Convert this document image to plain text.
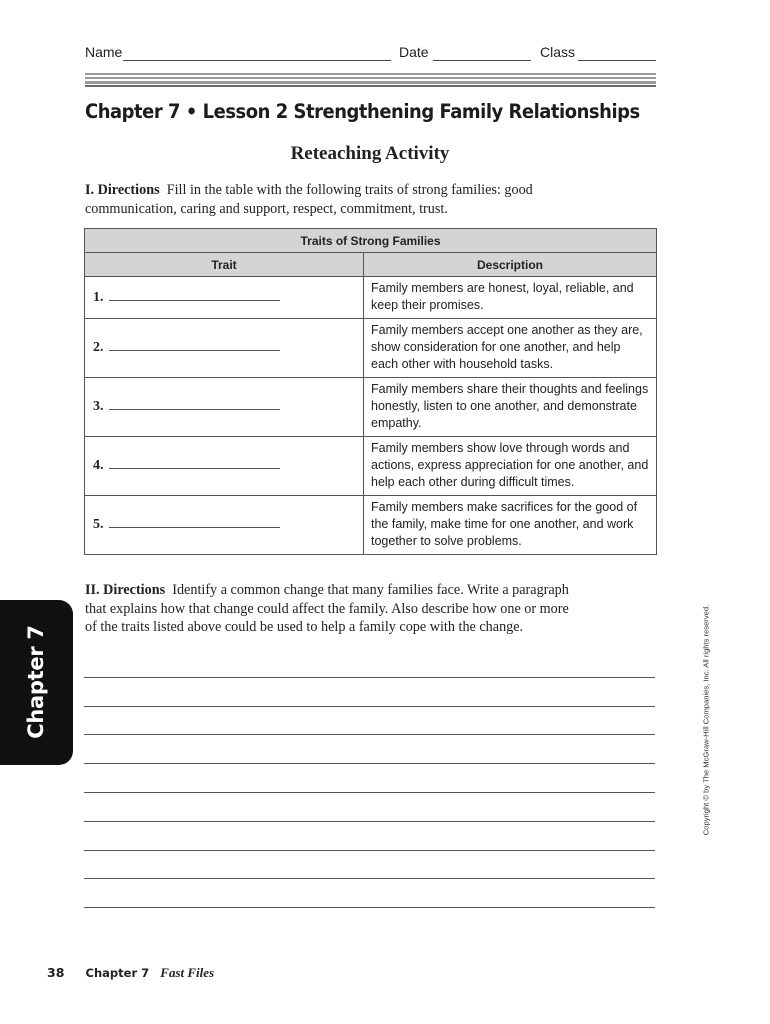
Name	Date	Class
Chapter 7 • Lesson 2 Strengthening Family Relationships
Reteaching Activity
I. Directions Fill in the table with the following traits of strong families: good communication, caring and support, respect, commitment, trust.
Traits of Strong Families	
Trait	Description
1.	Family members are honest, loyal, reliable, and keep their promises.
2.	Family members accept one another as they are, show consideration for one another, and help each other with household tasks.
3.	Family members share their thoughts and feelings honestly, listen to one another, and demonstrate empathy.
4.	Family members show love through words and actions, express appreciation for one another, and help each other during difficult times.
5.	Family members make sacrifices for the good of the family, make time for one another, and work together to solve problems.
II. Directions Identify a common change that many families face. Write a paragraph that explains how that change could affect the family. Also describe how one or more of the traits listed above could be used to help a family cope with the change.
Chapter 7	Copyright © by The McGraw-Hill Companies, Inc. All rights reserved.
38 Chapter 7 Fast Files
